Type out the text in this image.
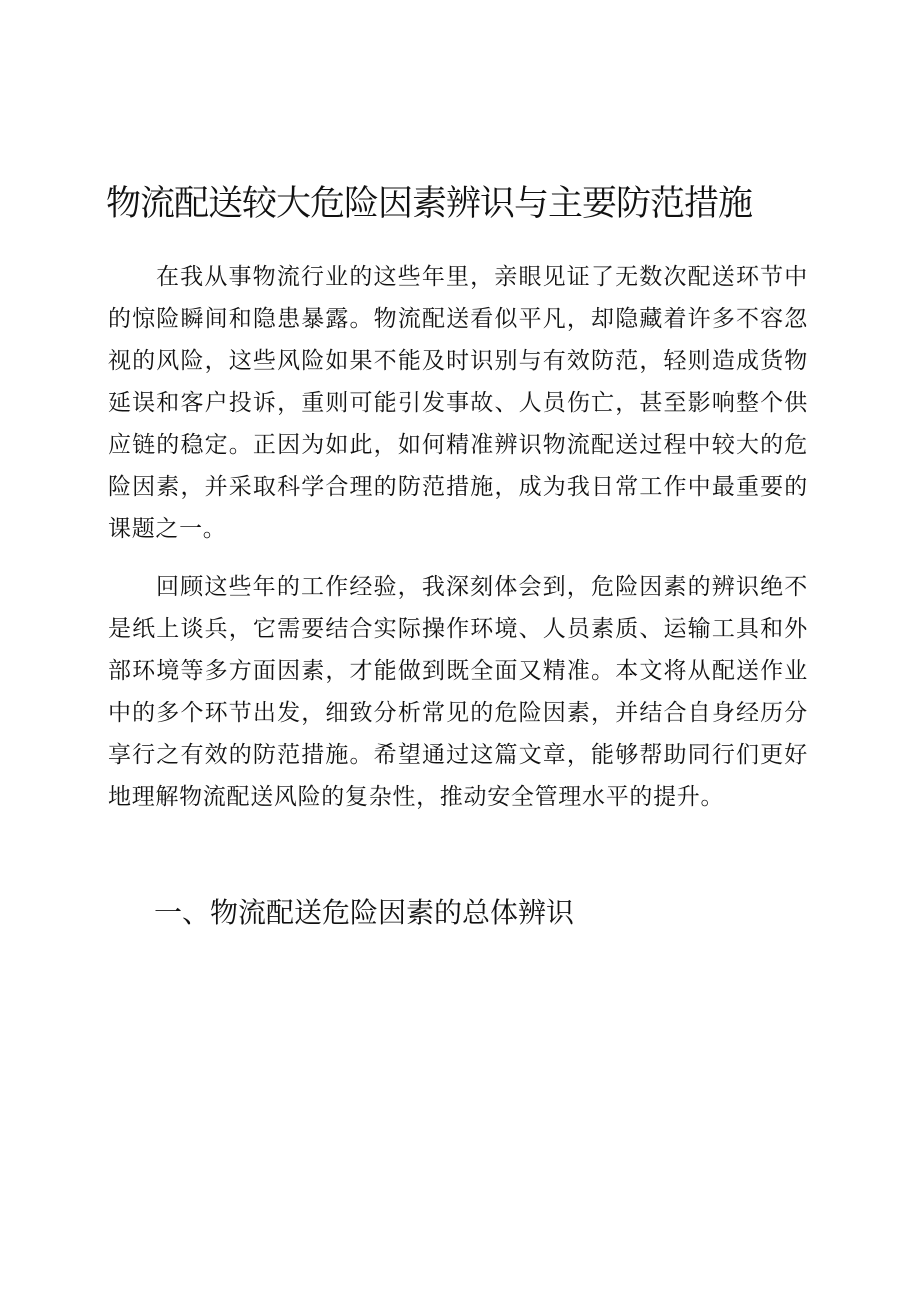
物流配送较大危险因素辨识与主要防范措施

在我从事物流行业的这些年里，亲眼见证了无数次配送环节中的惊险瞬间和隐患暴露。物流配送看似平凡，却隐藏着许多不容忽视的风险，这些风险如果不能及时识别与有效防范，轻则造成货物延误和客户投诉，重则可能引发事故、人员伤亡，甚至影响整个供应链的稳定。正因为如此，如何精准辨识物流配送过程中较大的危险因素，并采取科学合理的防范措施，成为我日常工作中最重要的课题之一。

回顾这些年的工作经验，我深刻体会到，危险因素的辨识绝不是纸上谈兵，它需要结合实际操作环境、人员素质、运输工具和外部环境等多方面因素，才能做到既全面又精准。本文将从配送作业中的多个环节出发，细致分析常见的危险因素，并结合自身经历分享行之有效的防范措施。希望通过这篇文章，能够帮助同行们更好地理解物流配送风险的复杂性，推动安全管理水平的提升。

一、物流配送危险因素的总体辨识
